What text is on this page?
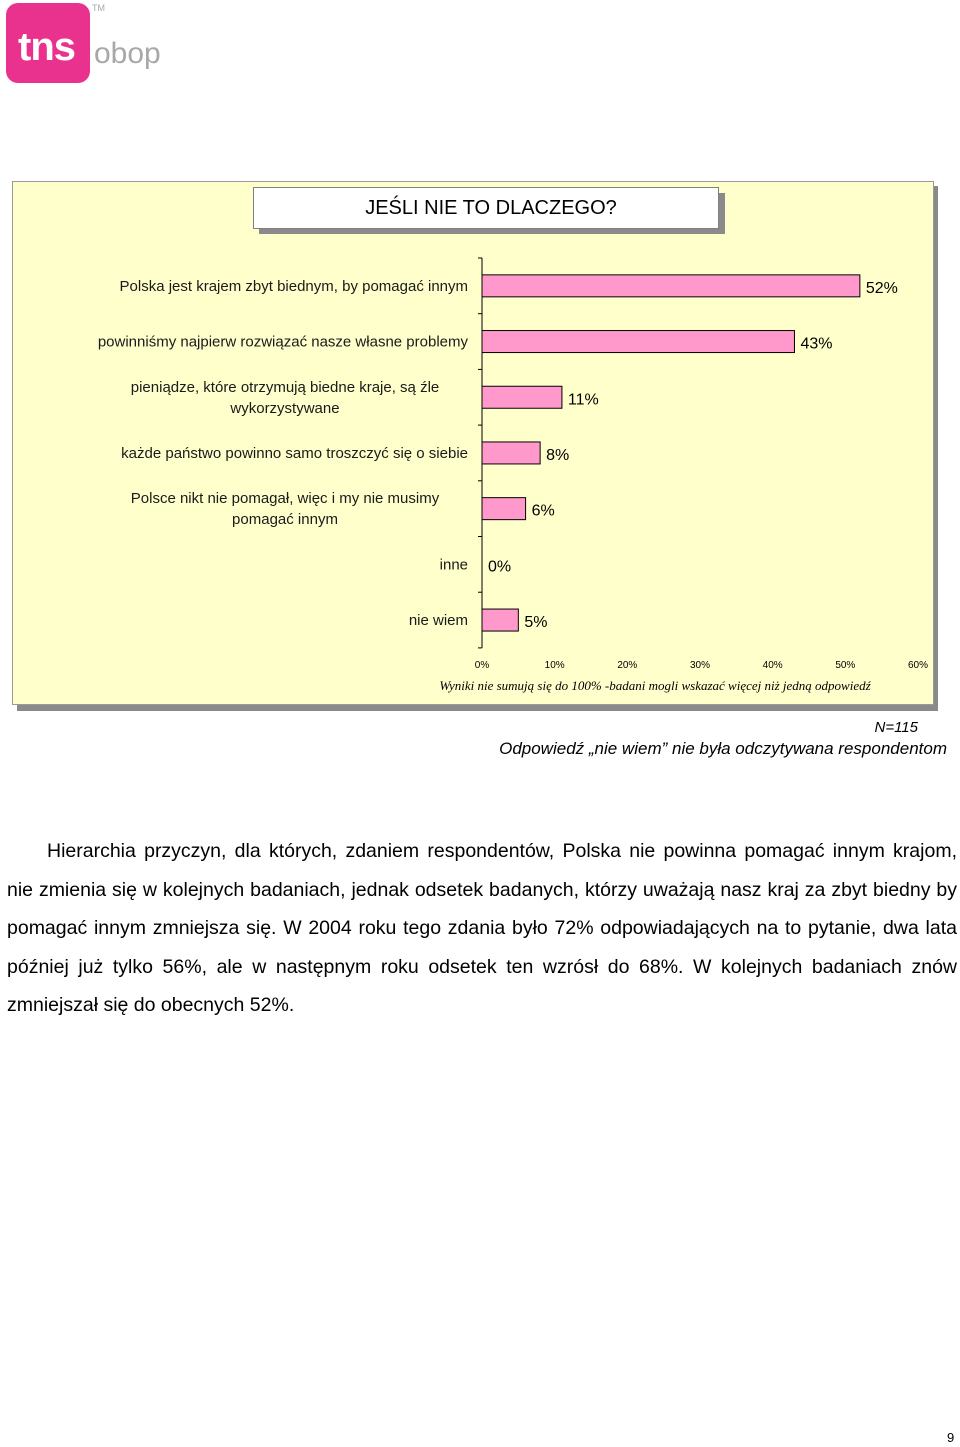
tns
TM
obop
JEŚLI NIE TO DLACZEGO?
52%
Polska jest krajem zbyt biednym, by pomagać innym
43%
powinniśmy najpierw rozwiązać nasze własne problemy
11%
pieniądze, które otrzymują biedne kraje, są źle
wykorzystywane
8%
każde państwo powinno samo troszczyć się o siebie
6%
Polsce nikt nie pomagał, więc i my nie musimy
pomagać innym
0%
inne
5%
nie wiem
0%	10%	20%	30%	40%	50%	60%
Wyniki nie sumują się do 100% -badani mogli wskazać więcej niż jedną odpowiedź
N=115
Odpowiedź „nie wiem” nie była odczytywana respondentom
Hierarchia przyczyn, dla których, zdaniem respondentów, Polska nie powinna pomagać innym krajom, nie zmienia się w kolejnych badaniach, jednak odsetek badanych, którzy uważają nasz kraj za zbyt biedny by pomagać innym zmniejsza się. W 2004 roku tego zdania było 72% odpowiadających na to pytanie, dwa lata później już tylko 56%, ale w następnym roku odsetek ten wzrósł do 68%. W kolejnych badaniach znów zmniejszał się do obecnych 52%.
9
